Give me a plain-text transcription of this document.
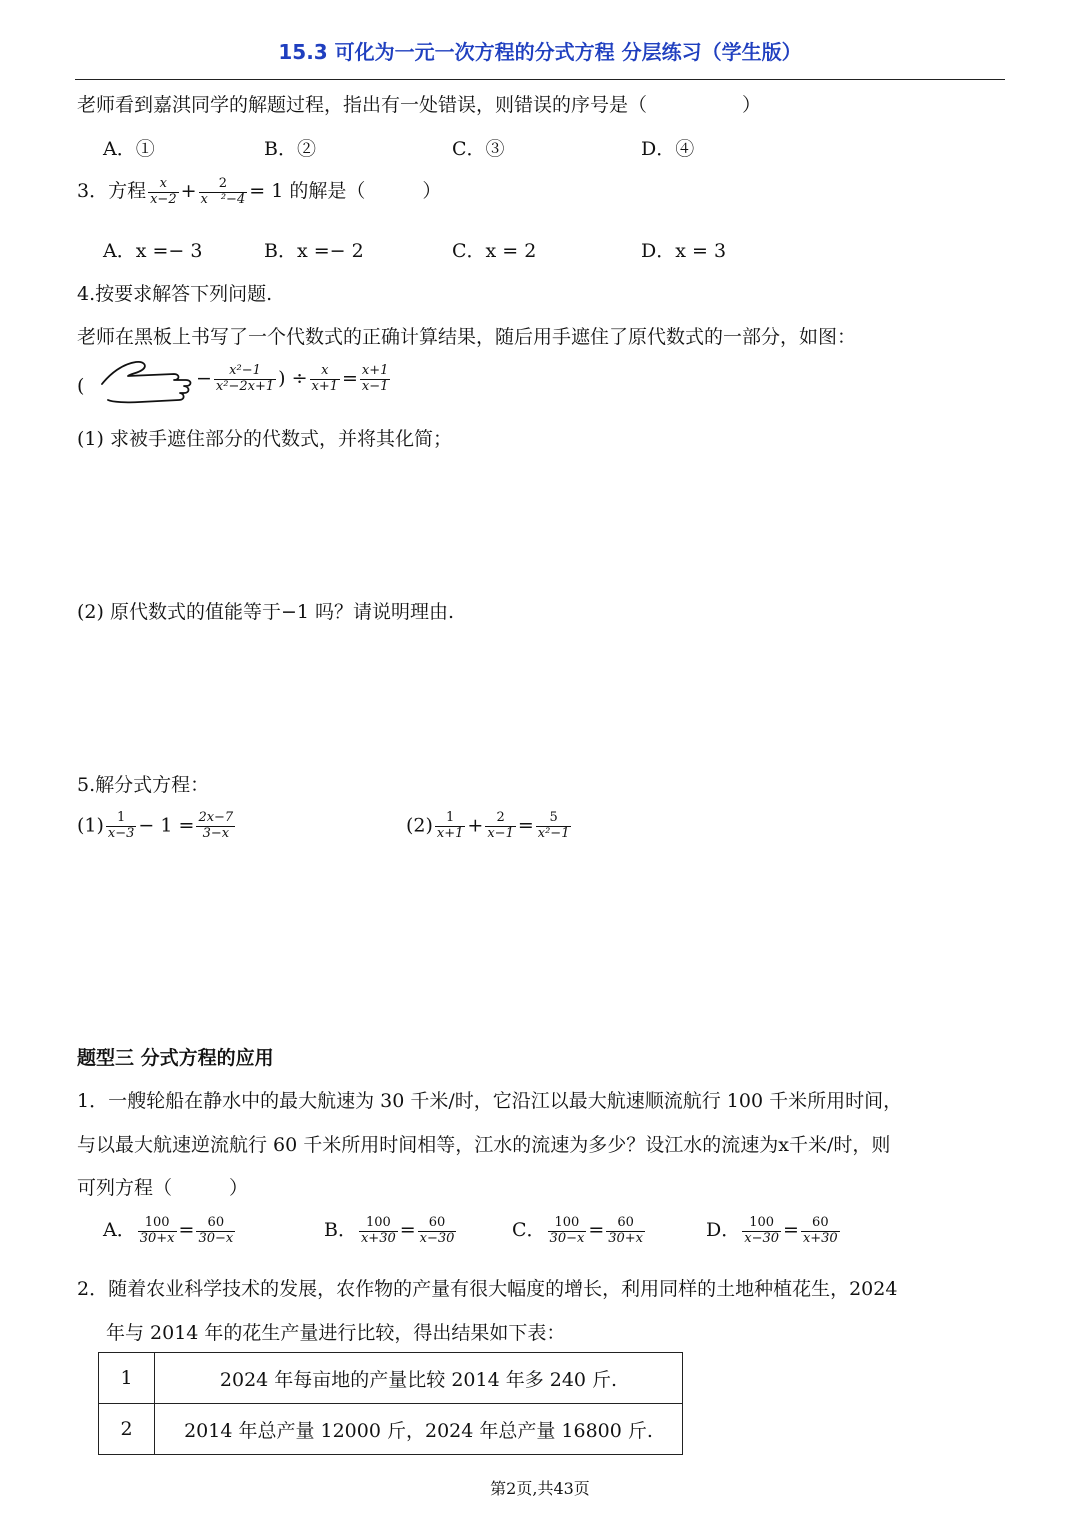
15.3 可化为一元一次方程的分式方程 分层练习（学生版）
老师看到嘉淇同学的解题过程，指出有一处错误，则错误的序号是（　　　　　）
A．①	B．②	C．③	D．④
3．方程 $\frac{x}{x-2} + \frac{2}{\text{x　²−4}} = 1$ 的解是（　　　）
A．x =− 3	B．x =− 2	C．x = 2	D．x = 3
4.按要求解答下列问题.
老师在黑板上书写了一个代数式的正确计算结果，随后用手遮住了原代数式的一部分，如图：
(	− $\frac{\text{x²−1}}{\text{x²−2x+1}}$ ) ÷ $\frac{x}{x+1} = \frac{x+1}{x-1}$
(1) 求被手遮住部分的代数式，并将其化简；
(2) 原代数式的值能等于−1 吗？请说明理由.
5.解分式方程：
$(1) \frac{1}{x-3} - 1 = \frac{2x-7}{3-x}$	$(2) \frac{1}{x+1} + \frac{2}{x-1} = \frac{5}{\text{x²−1}}$
题型三 分式方程的应用
1．一艘轮船在静水中的最大航速为 30 千米/时，它沿江以最大航速顺流航行 100 千米所用时间，
与以最大航速逆流航行 60 千米所用时间相等，江水的流速为多少？设江水的流速为x千米/时，则
可列方程（　　　）
A． $\frac{100}{30+x} = \frac{60}{30-x}$	B． $\frac{100}{x+30} = \frac{60}{x-30}$	C． $\frac{100}{30-x} = \frac{60}{30+x}$	D． $\frac{100}{x-30} = \frac{60}{x+30}$
2．随着农业科学技术的发展，农作物的产量有很大幅度的增长，利用同样的土地种植花生，2024
年与 2014 年的花生产量进行比较，得出结果如下表：
1	2024 年每亩地的产量比较 2014 年多 240 斤.
2	2014 年总产量 12000 斤，2024 年总产量 16800 斤.
第2页,共43页
